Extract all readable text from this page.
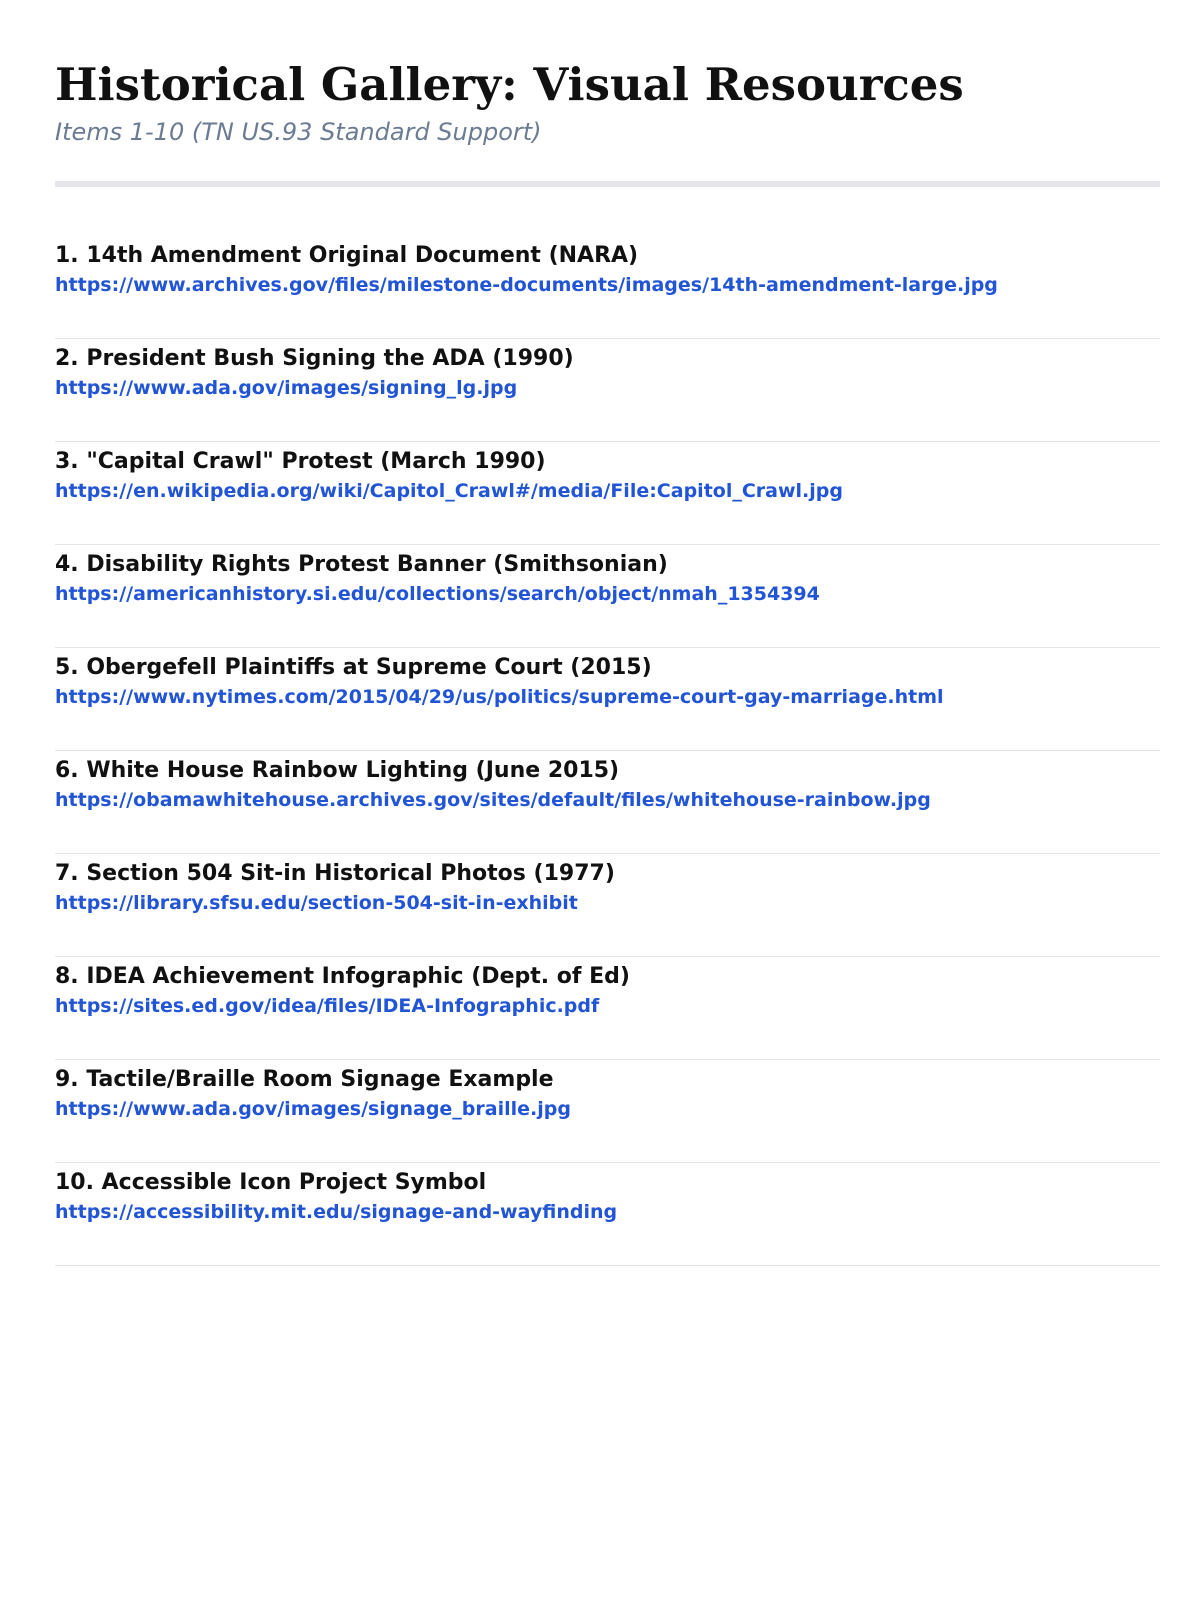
Historical Gallery: Visual Resources

Items 1-10 (TN US.93 Standard Support)

1. 14th Amendment Original Document (NARA)
https://www.archives.gov/files/milestone-documents/images/14th-amendment-large.jpg
2. President Bush Signing the ADA (1990)
https://www.ada.gov/images/signing_lg.jpg
3. "Capital Crawl" Protest (March 1990)
https://en.wikipedia.org/wiki/Capitol_Crawl#/media/File:Capitol_Crawl.jpg
4. Disability Rights Protest Banner (Smithsonian)
https://americanhistory.si.edu/collections/search/object/nmah_1354394
5. Obergefell Plaintiffs at Supreme Court (2015)
https://www.nytimes.com/2015/04/29/us/politics/supreme-court-gay-marriage.html
6. White House Rainbow Lighting (June 2015)
https://obamawhitehouse.archives.gov/sites/default/files/whitehouse-rainbow.jpg
7. Section 504 Sit-in Historical Photos (1977)
https://library.sfsu.edu/section-504-sit-in-exhibit
8. IDEA Achievement Infographic (Dept. of Ed)
https://sites.ed.gov/idea/files/IDEA-Infographic.pdf
9. Tactile/Braille Room Signage Example
https://www.ada.gov/images/signage_braille.jpg
10. Accessible Icon Project Symbol
https://accessibility.mit.edu/signage-and-wayfinding
